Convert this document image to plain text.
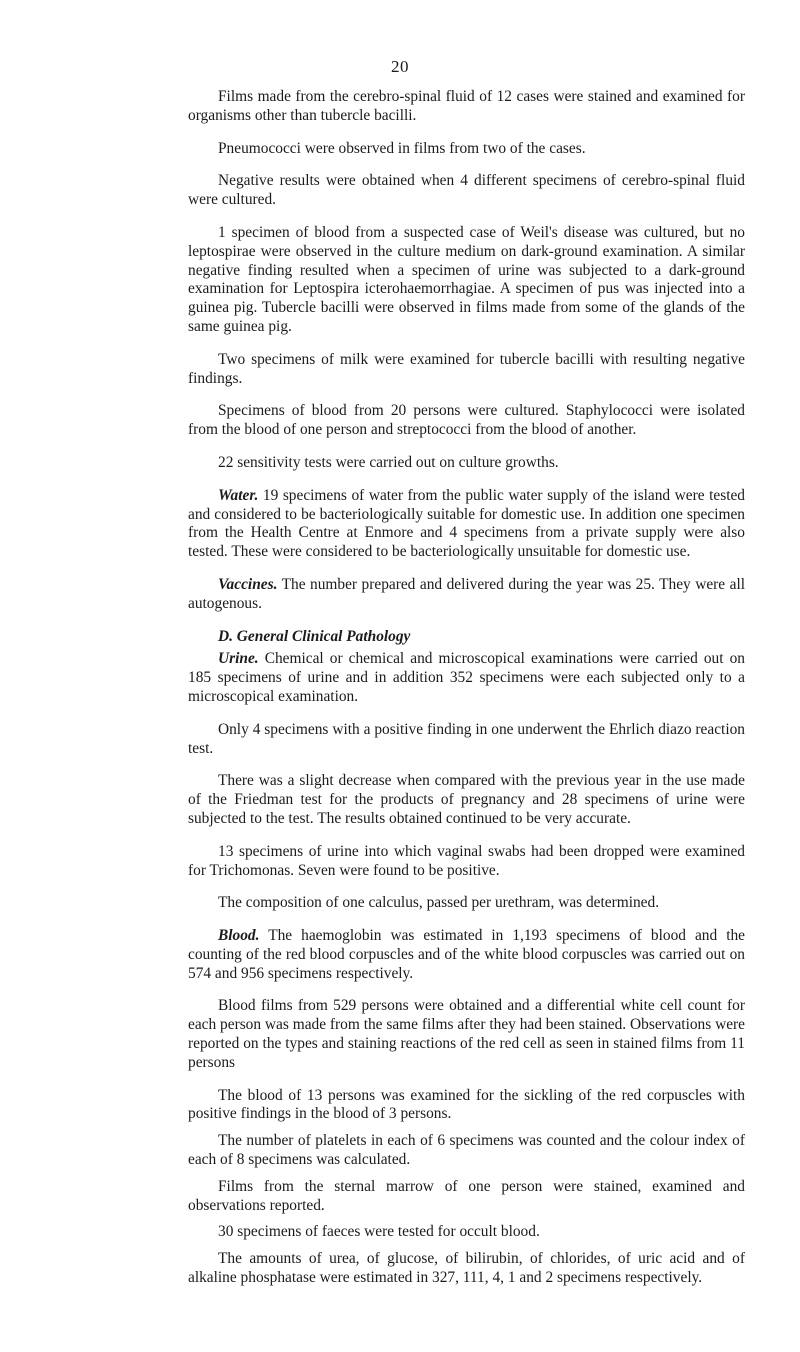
20

Films made from the cerebro-spinal fluid of 12 cases were stained and examined for organisms other than tubercle bacilli.

Pneumococci were observed in films from two of the cases.

Negative results were obtained when 4 different specimens of cerebro-spinal fluid were cultured.

1 specimen of blood from a suspected case of Weil's disease was cultured, but no leptospirae were observed in the culture medium on dark-ground examination. A similar negative finding resulted when a specimen of urine was subjected to a dark-ground examination for Leptospira icterohaemorrhagiae. A specimen of pus was injected into a guinea pig. Tubercle bacilli were observed in films made from some of the glands of the same guinea pig.

Two specimens of milk were examined for tubercle bacilli with resulting negative findings.

Specimens of blood from 20 persons were cultured. Staphylococci were isolated from the blood of one person and streptococci from the blood of another.

22 sensitivity tests were carried out on culture growths.

Water. 19 specimens of water from the public water supply of the island were tested and considered to be bacteriologically suitable for domestic use. In addition one specimen from the Health Centre at Enmore and 4 specimens from a private supply were also tested. These were considered to be bacteriologically unsuitable for domestic use.

Vaccines. The number prepared and delivered during the year was 25. They were all autogenous.

D. General Clinical Pathology

Urine. Chemical or chemical and microscopical examinations were carried out on 185 specimens of urine and in addition 352 specimens were each subjected only to a microscopical examination.

Only 4 specimens with a positive finding in one underwent the Ehrlich diazo reaction test.

There was a slight decrease when compared with the previous year in the use made of the Friedman test for the products of pregnancy and 28 specimens of urine were subjected to the test. The results obtained continued to be very accurate.

13 specimens of urine into which vaginal swabs had been dropped were examined for Trichomonas. Seven were found to be positive.

The composition of one calculus, passed per urethram, was determined.

Blood. The haemoglobin was estimated in 1,193 specimens of blood and the counting of the red blood corpuscles and of the white blood corpuscles was carried out on 574 and 956 specimens respectively.

Blood films from 529 persons were obtained and a differential white cell count for each person was made from the same films after they had been stained. Observations were reported on the types and staining reactions of the red cell as seen in stained films from 11 persons

The blood of 13 persons was examined for the sickling of the red corpuscles with positive findings in the blood of 3 persons.

The number of platelets in each of 6 specimens was counted and the colour index of each of 8 specimens was calculated.

Films from the sternal marrow of one person were stained, examined and observations reported.

30 specimens of faeces were tested for occult blood.

The amounts of urea, of glucose, of bilirubin, of chlorides, of uric acid and of alkaline phosphatase were estimated in 327, 111, 4, 1 and 2 specimens respectively.
